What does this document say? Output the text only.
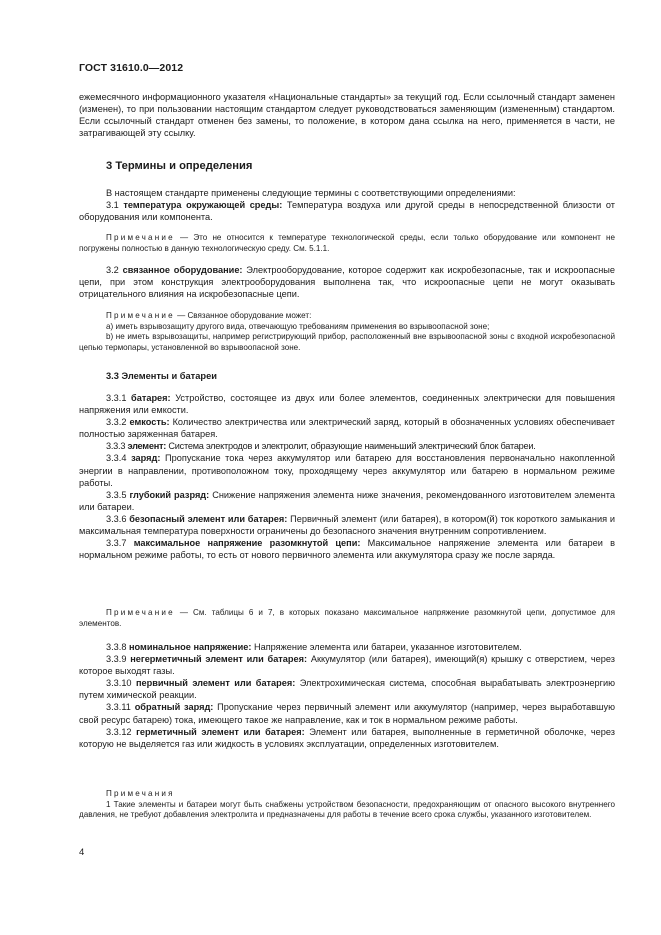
ГОСТ 31610.0—2012

ежемесячного информационного указателя «Национальные стандарты» за текущий год. Если ссылочный стандарт заменен (изменен), то при пользовании настоящим стандартом следует руководствоваться заменяющим (измененным) стандартом. Если ссылочный стандарт отменен без замены, то положение, в котором дана ссылка на него, применяется в части, не затрагивающей эту ссылку.

3 Термины и определения

В настоящем стандарте применены следующие термины с соответствующими определениями:

3.1 температура окружающей среды: Температура воздуха или другой среды в непосредственной близости от оборудования или компонента.

Примечание — Это не относится к температуре технологической среды, если только оборудование или компонент не погружены полностью в данную технологическую среду. См. 5.1.1.

3.2 связанное оборудование: Электрооборудование, которое содержит как искробезопасные, так и искроопасные цепи, при этом конструкция электрооборудования выполнена так, что искроопасные цепи не могут оказывать отрицательного влияния на искробезопасные цепи.

Примечание — Связанное оборудование может:

а) иметь взрывозащиту другого вида, отвечающую требованиям применения во взрывоопасной зоне;

b) не иметь взрывозащиты, например регистрирующий прибор, расположенный вне взрывоопасной зоны с входной искробезопасной цепью термопары, установленной во взрывоопасной зоне.

3.3 Элементы и батареи

3.3.1 батарея: Устройство, состоящее из двух или более элементов, соединенных электрически для повышения напряжения или емкости.

3.3.2 емкость: Количество электричества или электрический заряд, который в обозначенных условиях обеспечивает полностью заряженная батарея.

3.3.3 элемент: Система электродов и электролит, образующие наименьший электрический блок батареи.

3.3.4 заряд: Пропускание тока через аккумулятор или батарею для восстановления первоначально накопленной энергии в направлении, противоположном току, проходящему через аккумулятор или батарею в нормальном режиме работы.

3.3.5 глубокий разряд: Снижение напряжения элемента ниже значения, рекомендованного изготовителем элемента или батареи.

3.3.6 безопасный элемент или батарея: Первичный элемент (или батарея), в котором(й) ток короткого замыкания и максимальная температура поверхности ограничены до безопасного значения внутренним сопротивлением.

3.3.7 максимальное напряжение разомкнутой цепи: Максимальное напряжение элемента или батареи в нормальном режиме работы, то есть от нового первичного элемента или аккумулятора сразу же после заряда.

Примечание — См. таблицы 6 и 7, в которых показано максимальное напряжение разомкнутой цепи, допустимое для элементов.

3.3.8 номинальное напряжение: Напряжение элемента или батареи, указанное изготовителем.

3.3.9 негерметичный элемент или батарея: Аккумулятор (или батарея), имеющий(я) крышку с отверстием, через которое выходят газы.

3.3.10 первичный элемент или батарея: Электрохимическая система, способная вырабатывать электроэнергию путем химической реакции.

3.3.11 обратный заряд: Пропускание через первичный элемент или аккумулятор (например, через выработавшую свой ресурс батарею) тока, имеющего такое же направление, как и ток в нормальном режиме работы.

3.3.12 герметичный элемент или батарея: Элемент или батарея, выполненные в герметичной оболочке, через которую не выделяется газ или жидкость в условиях эксплуатации, определенных изготовителем.

Примечания

1 Такие элементы и батареи могут быть снабжены устройством безопасности, предохраняющим от опасного высокого внутреннего давления, не требуют добавления электролита и предназначены для работы в течение всего срока службы, указанного изготовителем.

4
